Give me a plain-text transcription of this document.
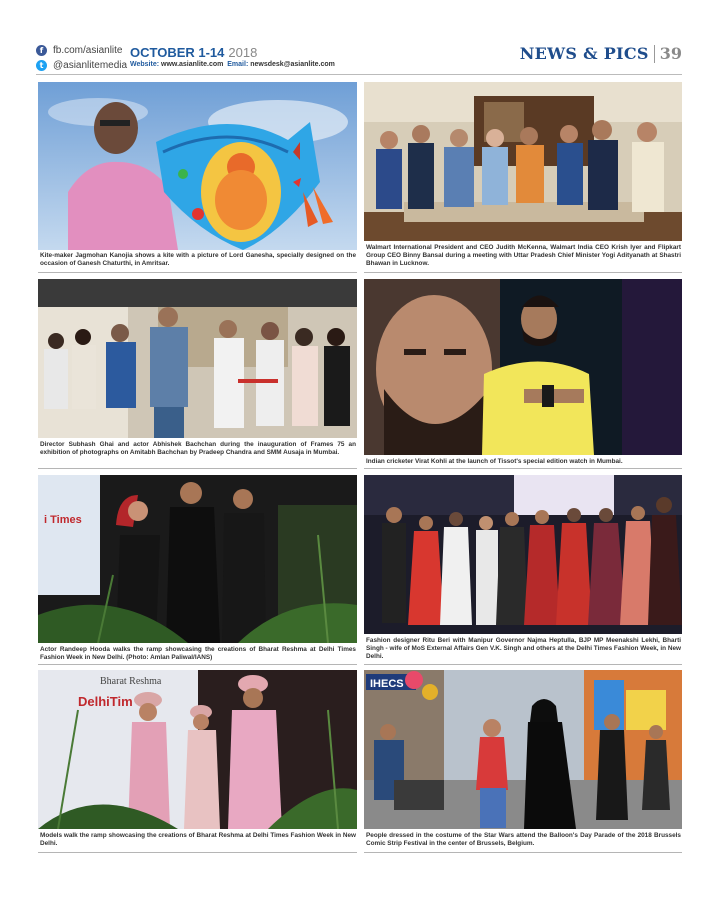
f fb.com/asianlite
t @asianlitemedia
OCTOBER 1-14 2018
Website: www.asianlite.com Email: newsdesk@asianlite.com
NEWS & PICS 39
Kite-maker Jagmohan Kanojia shows a kite with a picture of Lord Ganesha, specially designed on the occasion of Ganesh Chaturthi, in Amritsar.
Walmart International President and CEO Judith McKenna, Walmart India CEO Krish Iyer and Flipkart Group CEO Binny Bansal during a meeting with Uttar Pradesh Chief Minister Yogi Adityanath at Shastri Bhawan in Lucknow.
Director Subhash Ghai and actor Abhishek Bachchan during the inauguration of Frames 75 an exhibition of photographs on Amitabh Bachchan by Pradeep Chandra and SMM Ausaja in Mumbai.
Indian cricketer Virat Kohli at the launch of Tissot's special edition watch in Mumbai.
i Times
Actor Randeep Hooda walks the ramp showcasing the creations of Bharat Reshma at Delhi Times Fashion Week in New Delhi. (Photo: Amlan Paliwal/IANS)
Fashion designer Ritu Beri with Manipur Governor Najma Heptulla, BJP MP Meenakshi Lekhi, Bharti Singh - wife of MoS External Affairs Gen V.K. Singh and others at the Delhi Times Fashion Week, in New Delhi.
Bharat Reshma
DelhiTim
Models walk the ramp showcasing the creations of Bharat Reshma at Delhi Times Fashion Week in New Delhi.
IHECS
People dressed in the costume of the Star Wars attend the Balloon's Day Parade of the 2018 Brussels Comic Strip Festival in the center of Brussels, Belgium.
